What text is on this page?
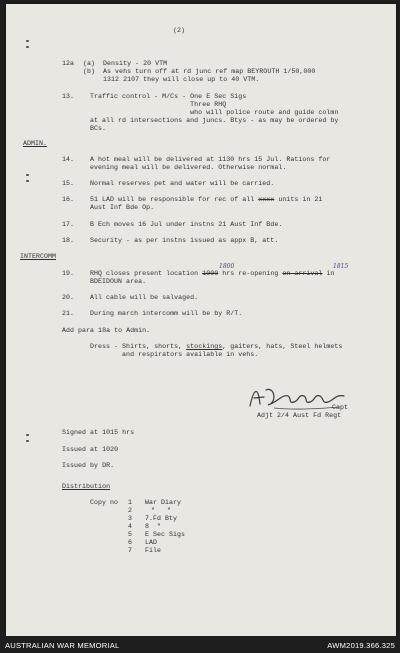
(2)
12a (a)  Density - 20 VTM
(b)  As vehs turn off at rd junc ref map BEYROUTH 1/50,000
1312 2107 they will close up to 40 VTM.
13. Traffic control - M/Cs - One E Sec Sigs
Three RHQ
who will police route and guide colmn
at all rd intersections and juncs. Btys - as may be ordered by
BCs.
ADMIN.
14. A hot meal will be delivered at 1130 hrs 15 Jul. Rations for
evening meal will be delivered. Otherwise normal.
15. Normal reserves pet and water will be carried.
16. 51 LAD will be responsible for rec of all xxxx units in 21
Aust Inf Bde Op.
17. B Ech moves 16 Jul under instns 21 Aust Inf Bde.
18. Security - as per instns issued as appx B, att.
INTERCOMM
1800	1815
19. RHQ closes present location 1000 hrs re-opening on arrival in
BDEIDOUN area.
20. All cable will be salvaged.
21. During march intercomm will be by R/T.
Add para 18a to Admin.
Dress - Shirts, shorts, stockings, gaiters, hats, Steel helmets
and respirators available in vehs.
Capt
Adjt 2/4 Aust Fd Regt
Signed at 1015 hrs
Issued at 1020
Issued by DR.
Distribution
Copy no 1 War Diary
2	"   "
3 7.Fd Bty
4 8  "
5 E Sec Sigs
6 LAD
7 File
AUSTRALIAN WAR MEMORIAL	AWM2019.366.325
